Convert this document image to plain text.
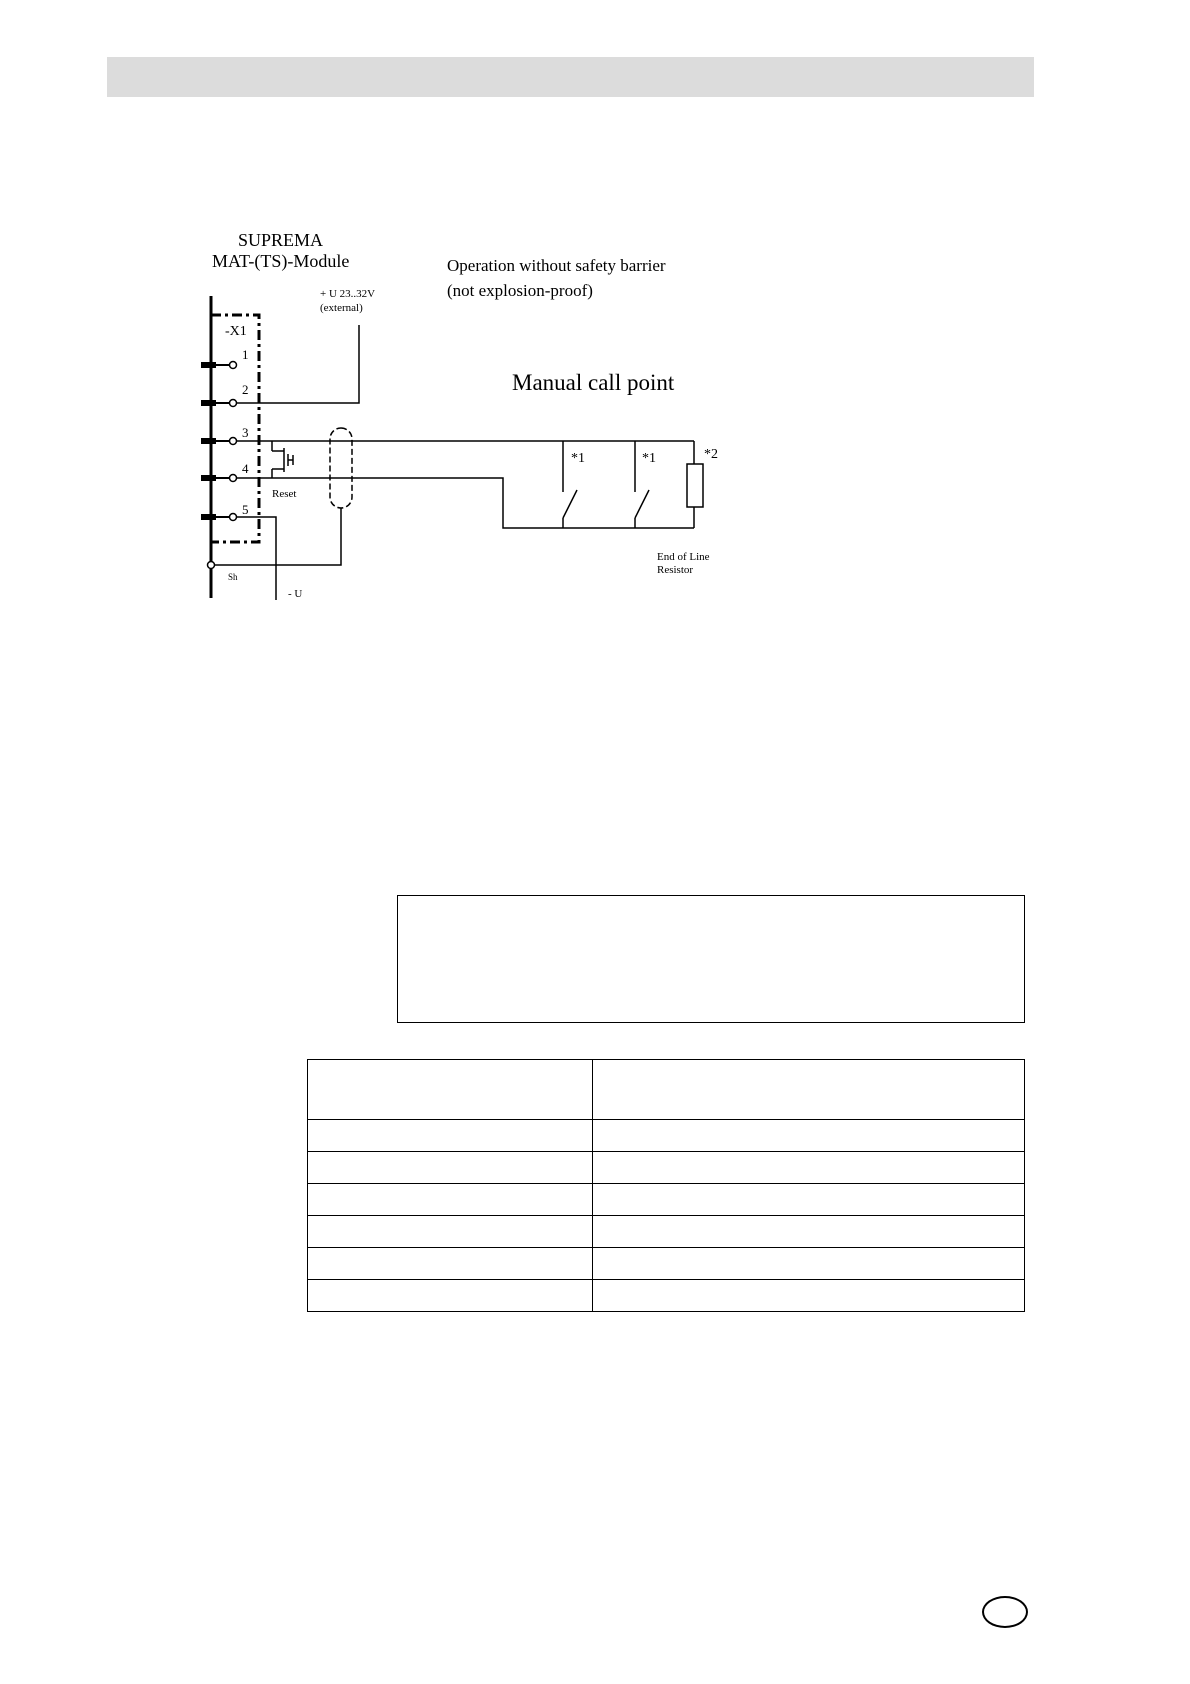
SUPREMA
MAT-(TS)-Module	Operation without safety barrier
(not explosion-proof)
+ U 23..32V
(external)
Manual call point
-X1
1
2
3
4
5
Reset
Sh
- U
*1	*1	*2
End of Line
Resistor
